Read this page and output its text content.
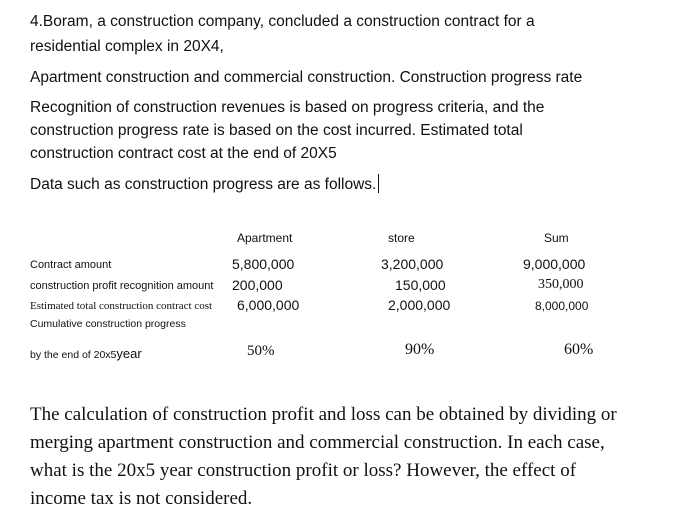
4.Boram, a construction company, concluded a construction contract for a
residential complex in 20X4,
Apartment construction and commercial construction. Construction progress rate
Recognition of construction revenues is based on progress criteria, and the
construction progress rate is based on the cost incurred. Estimated total
construction contract cost at the end of 20X5
Data such as construction progress are as follows.
Apartment	store	Sum
Contract amount	5,800,000	3,200,000	9,000,000
construction profit recognition amount 200,000	150,000	350,000
Estimated total construction contract cost 6,000,000	2,000,000	8,000,000
Cumulative construction progress
by the end of 20x5year	50%	90%	60%
The calculation of construction profit and loss can be obtained by dividing or
merging apartment construction and commercial construction. In each case,
what is the 20x5 year construction profit or loss? However, the effect of
income tax is not considered.
